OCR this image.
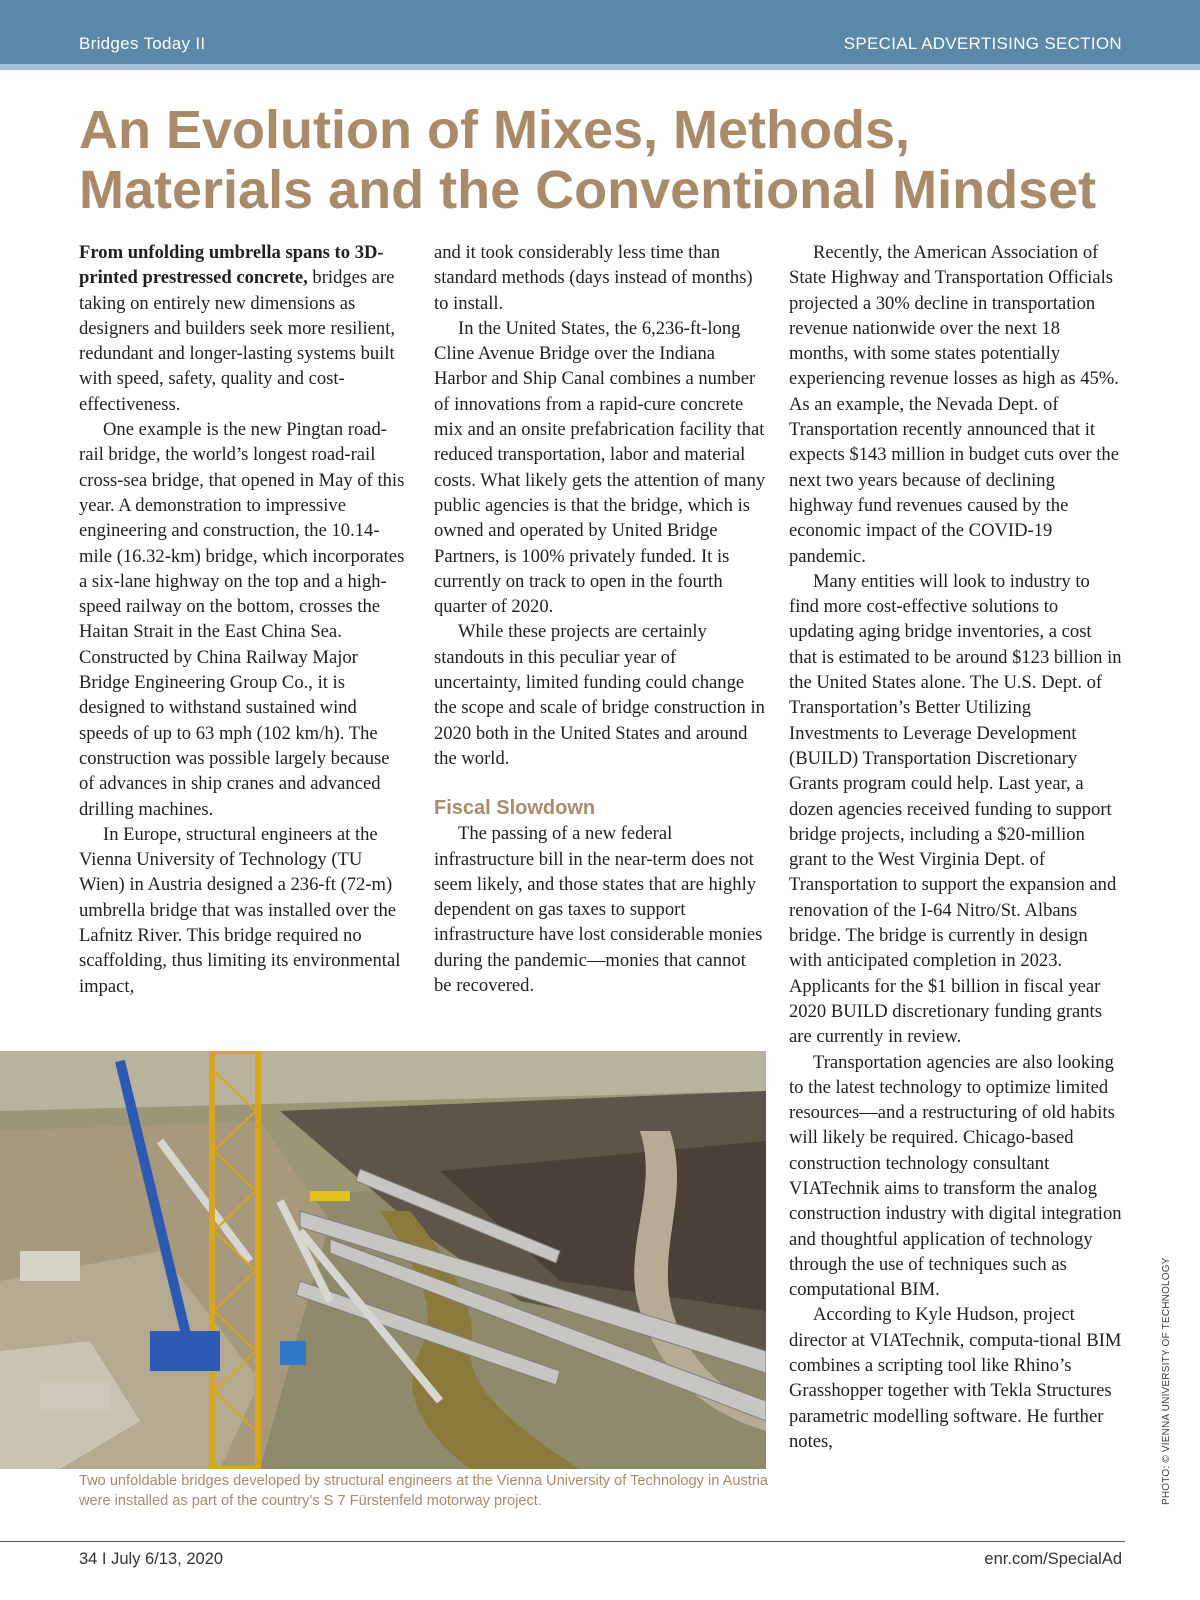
Bridges Today II	SPECIAL ADVERTISING SECTION
An Evolution of Mixes, Methods, Materials and the Conventional Mindset

From unfolding umbrella spans to 3D-printed prestressed concrete, bridges are taking on entirely new dimensions as designers and builders seek more resilient, redundant and longer-lasting systems built with speed, safety, quality and cost-effectiveness.

One example is the new Pingtan road-rail bridge, the world’s longest road-rail cross-sea bridge, that opened in May of this year. A demonstration to impressive engineering and construction, the 10.14-mile (16.32-km) bridge, which incorporates a six-lane highway on the top and a high-speed railway on the bottom, crosses the Haitan Strait in the East China Sea. Constructed by China Railway Major Bridge Engineering Group Co., it is designed to withstand sustained wind speeds of up to 63 mph (102 km/h). The construction was possible largely because of advances in ship cranes and advanced drilling machines.

In Europe, structural engineers at the Vienna University of Technology (TU Wien) in Austria designed a 236-ft (72-m) umbrella bridge that was installed over the Lafnitz River. This bridge required no scaffolding, thus limiting its environmental impact,

and it took considerably less time than standard methods (days instead of months) to install.

In the United States, the 6,236-ft-long Cline Avenue Bridge over the Indiana Harbor and Ship Canal combines a number of innovations from a rapid-cure concrete mix and an onsite prefabrication facility that reduced transportation, labor and material costs. What likely gets the attention of many public agencies is that the bridge, which is owned and operated by United Bridge Partners, is 100% privately funded. It is currently on track to open in the fourth quarter of 2020.

While these projects are certainly standouts in this peculiar year of uncertainty, limited funding could change the scope and scale of bridge construction in 2020 both in the United States and around the world.

Fiscal Slowdown

The passing of a new federal infrastructure bill in the near-term does not seem likely, and those states that are highly dependent on gas taxes to support infrastructure have lost considerable monies during the pandemic—monies that cannot be recovered.

Recently, the American Association of State Highway and Transportation Officials projected a 30% decline in transportation revenue nationwide over the next 18 months, with some states potentially experiencing revenue losses as high as 45%. As an example, the Nevada Dept. of Transportation recently announced that it expects $143 million in budget cuts over the next two years because of declining highway fund revenues caused by the economic impact of the COVID-19 pandemic.

Many entities will look to industry to find more cost-effective solutions to updating aging bridge inventories, a cost that is estimated to be around $123 billion in the United States alone. The U.S. Dept. of Transportation’s Better Utilizing Investments to Leverage Development (BUILD) Transportation Discretionary Grants program could help. Last year, a dozen agencies received funding to support bridge projects, including a $20-million grant to the West Virginia Dept. of Transportation to support the expansion and renovation of the I-64 Nitro/St. Albans bridge. The bridge is currently in design with anticipated completion in 2023. Applicants for the $1 billion in fiscal year 2020 BUILD discretionary funding grants are currently in review.

Transportation agencies are also looking to the latest technology to optimize limited resources—and a restructuring of old habits will likely be required. Chicago-based construction technology consultant VIATechnik aims to transform the analog construction industry with digital integration and thoughtful application of technology through the use of techniques such as computational BIM.

According to Kyle Hudson, project director at VIATechnik, computa-tional BIM combines a scripting tool like Rhino’s Grasshopper together with Tekla Structures parametric modelling software. He further notes,

Two unfoldable bridges developed by structural engineers at the Vienna University of Technology in Austria were installed as part of the country’s S 7 Fürstenfeld motorway project.	PHOTO: © VIENNA UNIVERSITY OF TECHNOLOGY
34 I July 6/13, 2020	enr.com/SpecialAd
